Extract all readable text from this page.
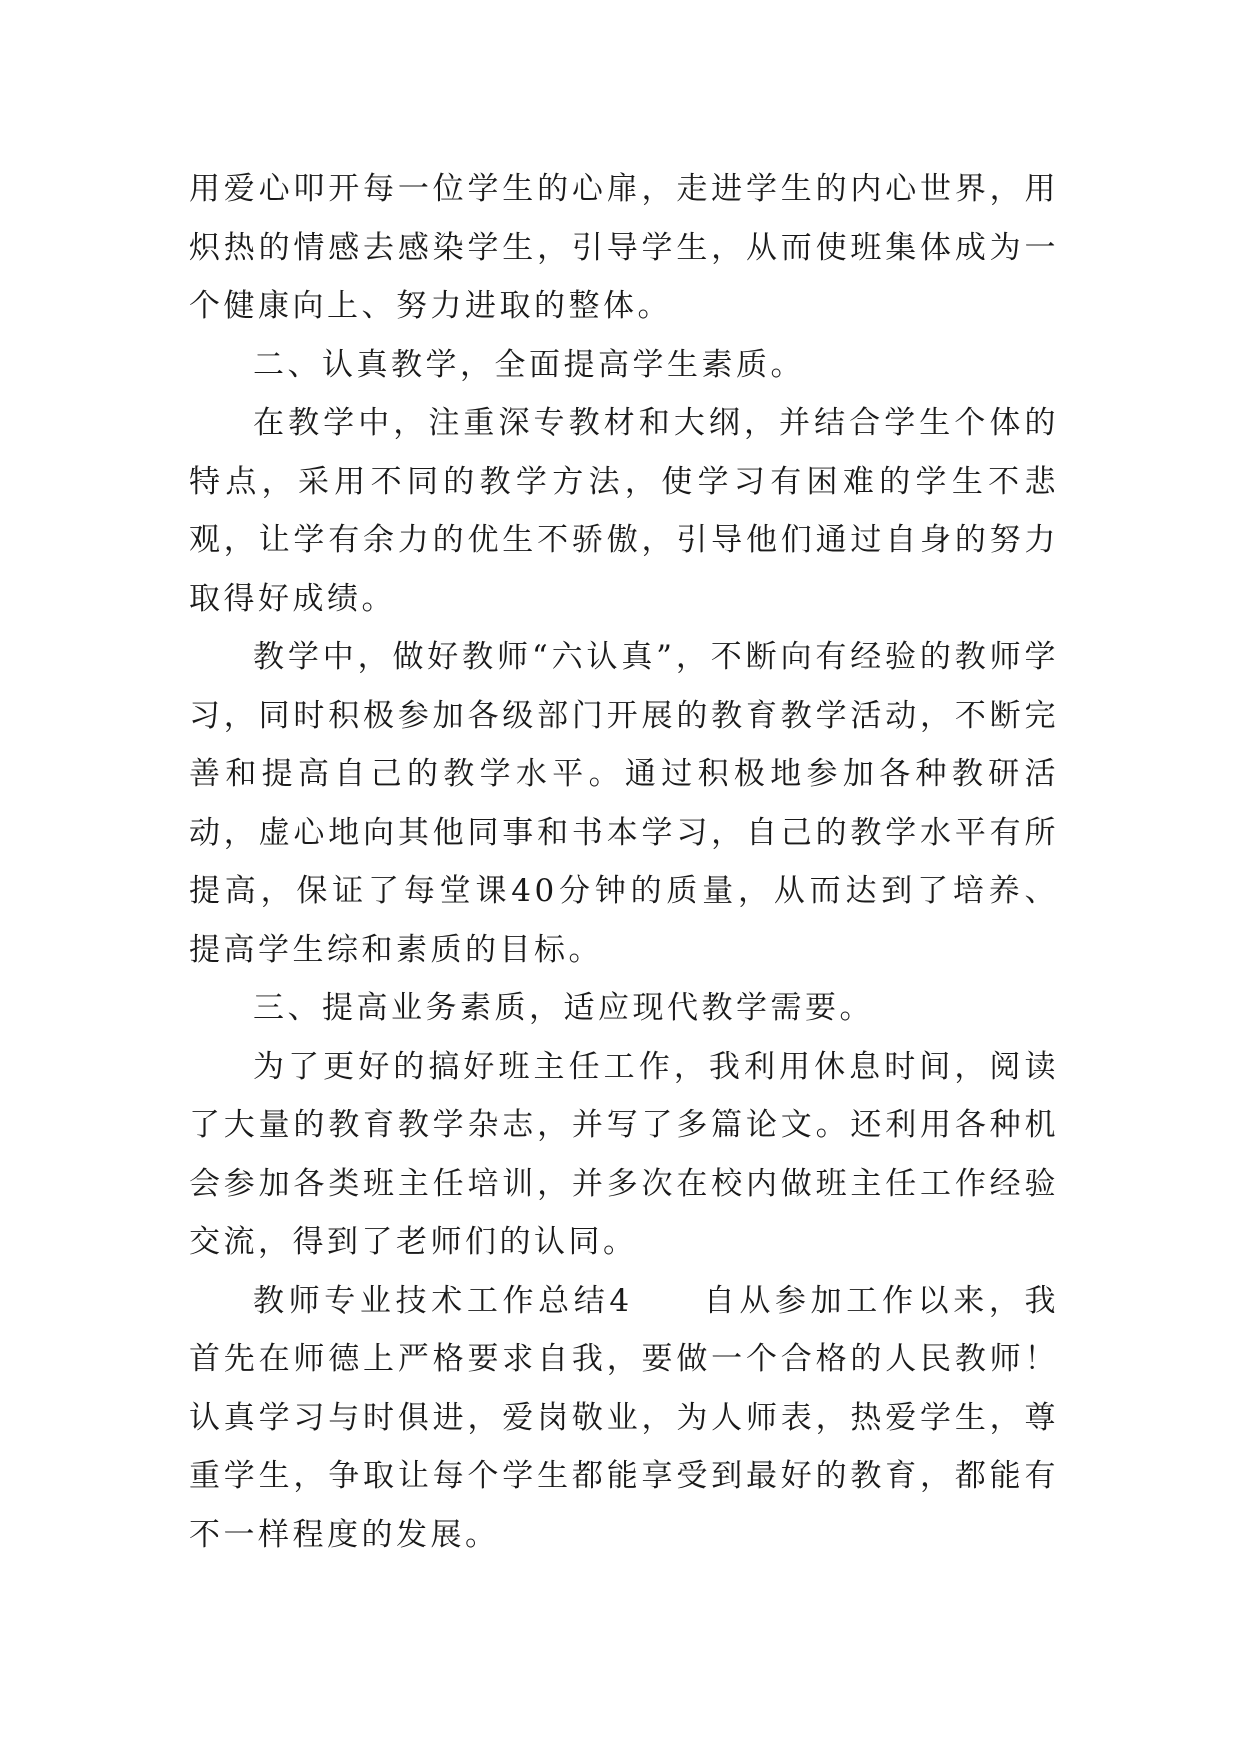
用爱心叩开每一位学生的心扉，走进学生的内心世界，用炽热的情感去感染学生，引导学生，从而使班集体成为一个健康向上、努力进取的整体。

二、认真教学，全面提高学生素质。

在教学中，注重深专教材和大纲，并结合学生个体的特点，采用不同的教学方法，使学习有困难的学生不悲观，让学有余力的优生不骄傲，引导他们通过自身的努力取得好成绩。

教学中，做好教师“六认真”，不断向有经验的教师学习，同时积极参加各级部门开展的教育教学活动，不断完善和提高自己的教学水平。通过积极地参加各种教研活动，虚心地向其他同事和书本学习，自己的教学水平有所提高，保证了每堂课40分钟的质量，从而达到了培养、提高学生综和素质的目标。

三、提高业务素质，适应现代教学需要。

为了更好的搞好班主任工作，我利用休息时间，阅读了大量的教育教学杂志，并写了多篇论文。还利用各种机会参加各类班主任培训，并多次在校内做班主任工作经验交流，得到了老师们的认同。

教师专业技术工作总结4 自从参加工作以来，我首先在师德上严格要求自我，要做一个合格的人民教师！认真学习与时俱进，爱岗敬业，为人师表，热爱学生，尊重学生，争取让每个学生都能享受到最好的教育，都能有不一样程度的发展。
